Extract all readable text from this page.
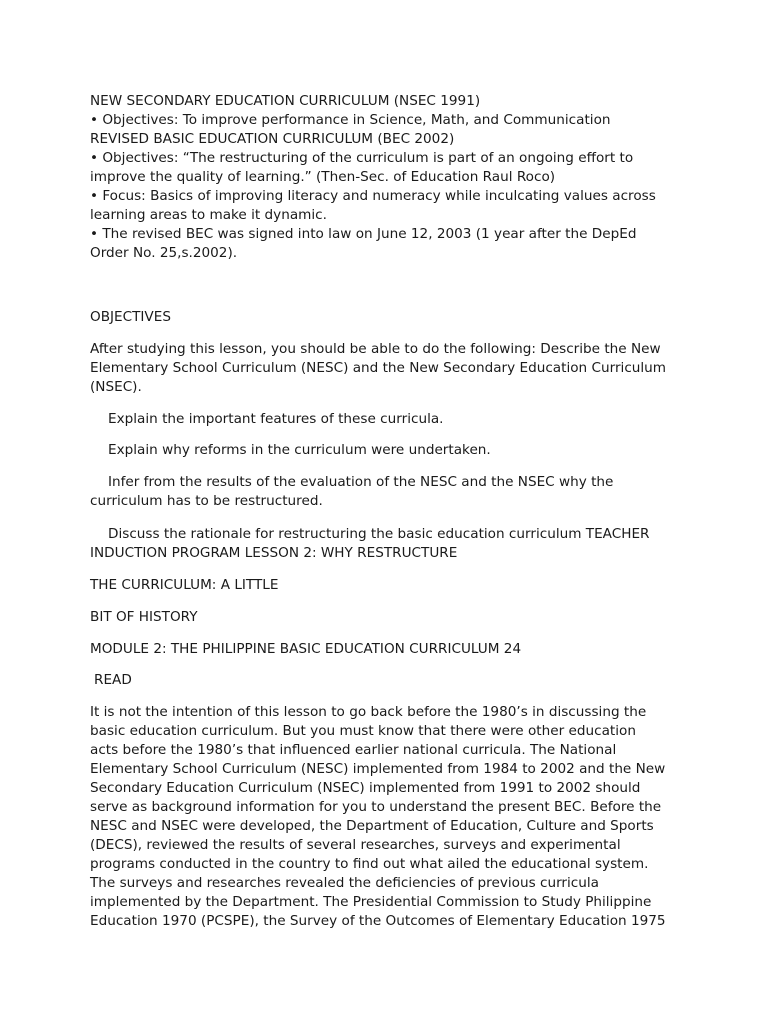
NEW SECONDARY EDUCATION CURRICULUM (NSEC 1991)
• Objectives: To improve performance in Science, Math, and Communication
REVISED BASIC EDUCATION CURRICULUM (BEC 2002)
• Objectives: “The restructuring of the curriculum is part of an ongoing effort to
improve the quality of learning.” (Then-Sec. of Education Raul Roco)
• Focus: Basics of improving literacy and numeracy while inculcating values across
learning areas to make it dynamic.
• The revised BEC was signed into law on June 12, 2003 (1 year after the DepEd
Order No. 25,s.2002).
OBJECTIVES
After studying this lesson, you should be able to do the following: Describe the New
Elementary School Curriculum (NESC) and the New Secondary Education Curriculum
(NSEC).
Explain the important features of these curricula.
Explain why reforms in the curriculum were undertaken.
Infer from the results of the evaluation of the NESC and the NSEC why the
curriculum has to be restructured.
Discuss the rationale for restructuring the basic education curriculum TEACHER
INDUCTION PROGRAM LESSON 2: WHY RESTRUCTURE
THE CURRICULUM: A LITTLE
BIT OF HISTORY
MODULE 2: THE PHILIPPINE BASIC EDUCATION CURRICULUM 24
READ
It is not the intention of this lesson to go back before the 1980’s in discussing the
basic education curriculum. But you must know that there were other education
acts before the 1980’s that influenced earlier national curricula. The National
Elementary School Curriculum (NESC) implemented from 1984 to 2002 and the New
Secondary Education Curriculum (NSEC) implemented from 1991 to 2002 should
serve as background information for you to understand the present BEC. Before the
NESC and NSEC were developed, the Department of Education, Culture and Sports
(DECS), reviewed the results of several researches, surveys and experimental
programs conducted in the country to find out what ailed the educational system.
The surveys and researches revealed the deficiencies of previous curricula
implemented by the Department. The Presidential Commission to Study Philippine
Education 1970 (PCSPE), the Survey of the Outcomes of Elementary Education 1975
